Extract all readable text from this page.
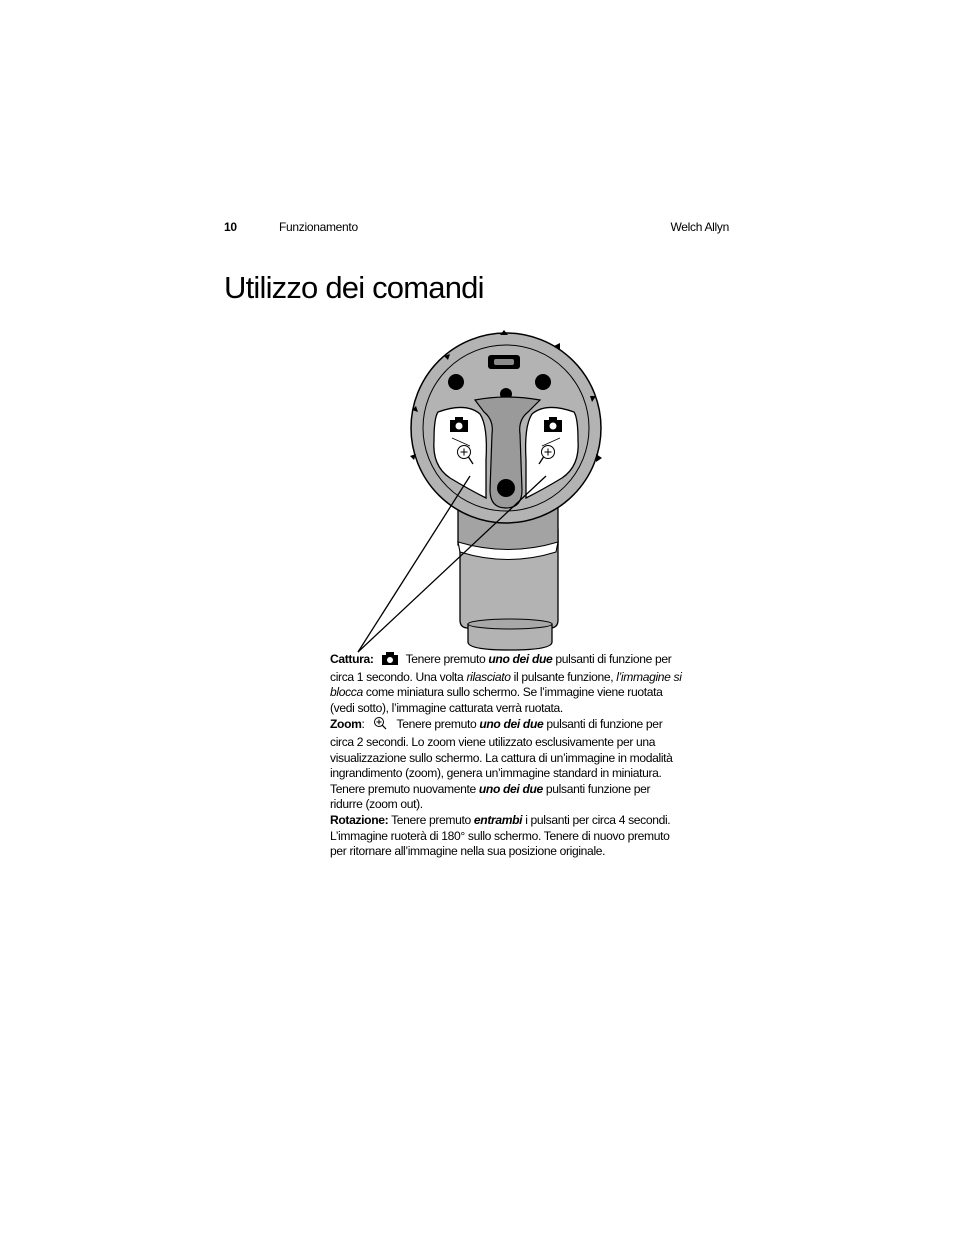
10	Funzionamento	Welch Allyn
Utilizzo dei comandi

Cattura:	Tenere premuto uno dei due pulsanti di funzione per circa 1 secondo. Una volta rilasciato il pulsante funzione, l’immagine si blocca come miniatura sullo schermo. Se l’immagine viene ruotata (vedi sotto), l’immagine catturata verrà ruotata.

Zoom:	Tenere premuto uno dei due pulsanti di funzione per circa 2 secondi. Lo zoom viene utilizzato esclusivamente per una visualizzazione sullo schermo. La cattura di un’immagine in modalità ingrandimento (zoom), genera un’immagine standard in miniatura. Tenere premuto nuovamente uno dei due pulsanti funzione per ridurre (zoom out).

Rotazione: Tenere premuto entrambi i pulsanti per circa 4 secondi. L’immagine ruoterà di 180° sullo schermo. Tenere di nuovo premuto per ritornare all’immagine nella sua posizione originale.
